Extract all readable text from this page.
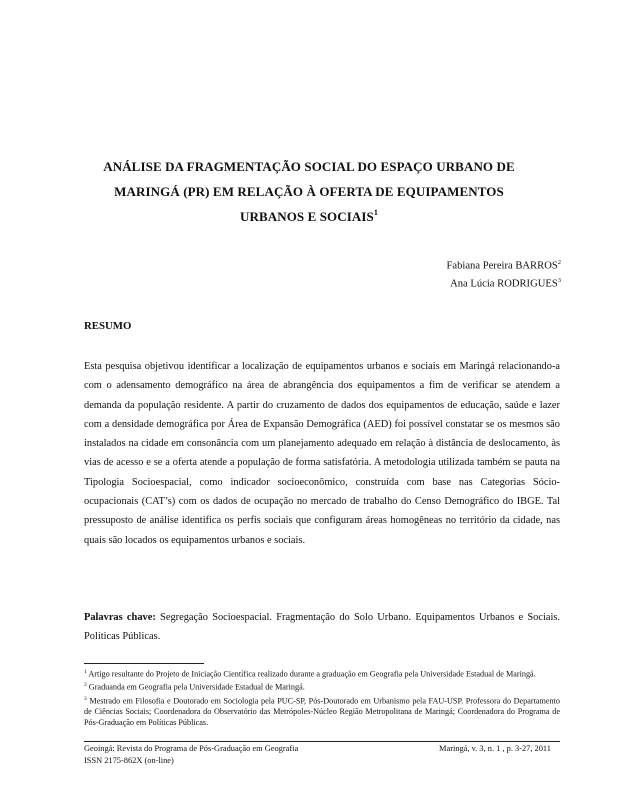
ANÁLISE DA FRAGMENTAÇÃO SOCIAL DO ESPAÇO URBANO DE
MARINGÁ (PR) EM RELAÇÃO À OFERTA DE EQUIPAMENTOS
URBANOS E SOCIAIS$^1$
Fabiana Pereira BARROS$^2$
Ana Lúcia RODRIGUES$^3$
RESUMO
Esta pesquisa objetivou identificar a localização de equipamentos urbanos e sociais em Maringá relacionando-a com o adensamento demográfico na área de abrangência dos equipamentos a fim de verificar se atendem a demanda da população residente. A partir do cruzamento de dados dos equipamentos de educação, saúde e lazer com a densidade demográfica por Área de Expansão Demográfica (AED) foi possível constatar se os mesmos são instalados na cidade em consonância com um planejamento adequado em relação à distância de deslocamento, às vias de acesso e se a oferta atende a população de forma satisfatória. A metodologia utilizada também se pauta na Tipologia Socioespacial, como indicador socioeconômico, construída com base nas Categorias Sócio-ocupacionais (CAT’s) com os dados de ocupação no mercado de trabalho do Censo Demográfico do IBGE. Tal pressuposto de análise identifica os perfis sociais que configuram áreas homogêneas no território da cidade, nas quais são locados os equipamentos urbanos e sociais.
Palavras chave: Segregação Socioespacial. Fragmentação do Solo Urbano. Equipamentos Urbanos e Sociais. Políticas Públicas.

$^1$ Artigo resultante do Projeto de Iniciação Científica realizado durante a graduação em Geografia pela Universidade Estadual de Maringá.

$^2$ Graduanda em Geografia pela Universidade Estadual de Maringá.

$^3$ Mestrado em Filosofia e Doutorado em Sociologia pela PUC-SP, Pós-Doutorado em Urbanismo pela FAU-USP. Professora do Departamento de Ciências Sociais; Coordenadora do Observatório das Metrópoles-Núcleo Região Metropolitana de Maringá; Coordenadora do Programa de Pós-Graduação em Políticas Públicas.

Geoingá: Revista do Programa de Pós-Graduação em Geografia
ISSN 2175-862X (on-line)
Maringá, v. 3, n. 1 , p. 3-27, 2011
